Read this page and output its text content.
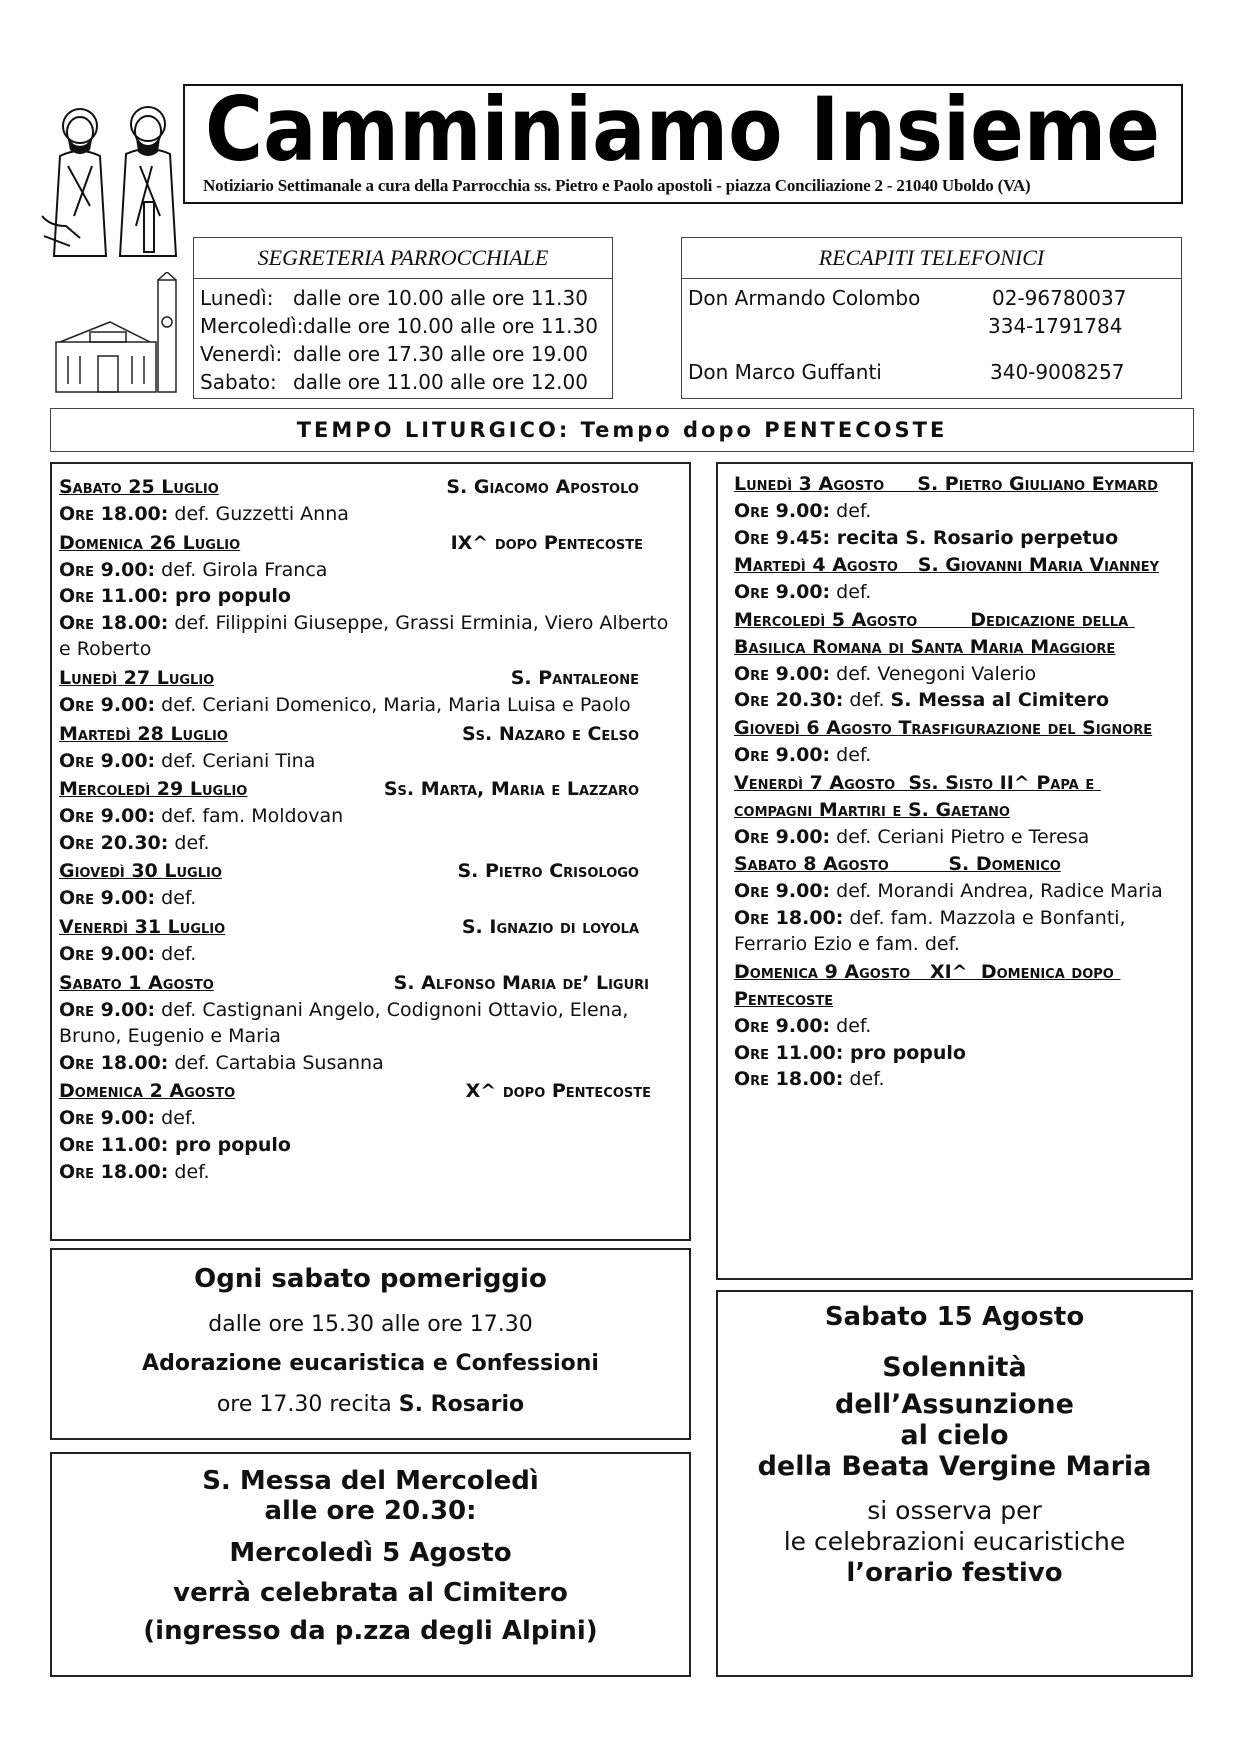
Camminiamo Insieme
Notiziario Settimanale a cura della Parrocchia ss. Pietro e Paolo apostoli - piazza Conciliazione 2 - 21040 Uboldo (VA)
SEGRETERIA PARROCCHIALE
Lunedì: dalle ore 10.00 alle ore 11.30
Mercoledì: dalle ore 10.00 alle ore 11.30
Venerdì: dalle ore 17.30 alle ore 19.00
Sabato: dalle ore 11.00 alle ore 12.00
RECAPITI TELEFONICI
Don Armando Colombo	02-96780037
334-1791784
Don Marco Guffanti	340-9008257
TEMPO LITURGICO: Tempo dopo PENTECOSTE
Sabato 25 Luglio	S. Giacomo Apostolo
Ore 18.00: def. Guzzetti Anna
Domenica 26 Luglio	IX^ dopo Pentecoste
Ore 9.00: def. Girola Franca
Ore 11.00: pro populo
Ore 18.00: def. Filippini Giuseppe, Grassi Erminia, Viero Alberto e Roberto
Lunedì 27 Luglio	S. Pantaleone
Ore 9.00: def. Ceriani Domenico, Maria, Maria Luisa e Paolo
Martedì 28 Luglio	Ss. Nazaro e Celso
Ore 9.00: def. Ceriani Tina
Mercoledì 29 Luglio	Ss. Marta, Maria e Lazzaro
Ore 9.00: def. fam. Moldovan
Ore 20.30: def.
Giovedì 30 Luglio	S. Pietro Crisologo
Ore 9.00: def.
Venerdì 31 Luglio	S. Ignazio di loyola
Ore 9.00: def.
Sabato 1 Agosto	S. Alfonso Maria de’ Liguri
Ore 9.00: def. Castignani Angelo, Codignoni Ottavio, Elena, Bruno, Eugenio e Maria
Ore 18.00: def. Cartabia Susanna
Domenica 2 Agosto	X^ dopo Pentecoste
Ore 9.00: def.
Ore 11.00: pro populo
Ore 18.00: def.
Lunedì 3 Agosto     S. Pietro Giuliano Eymard
Ore 9.00: def.
Ore 9.45: recita S. Rosario perpetuo
Martedì 4 Agosto   S. Giovanni Maria Vianney
Ore 9.00: def.
Mercoledì 5 Agosto        Dedicazione della Basilica Romana di Santa Maria Maggiore
Ore 9.00: def. Venegoni Valerio
Ore 20.30: def. S. Messa al Cimitero
Giovedì 6 Agosto Trasfigurazione del Signore
Ore 9.00: def.
Venerdì 7 Agosto  Ss. Sisto II^ Papa e compagni Martiri e S. Gaetano
Ore 9.00: def. Ceriani Pietro e Teresa
Sabato 8 Agosto         S. Domenico
Ore 9.00: def. Morandi Andrea, Radice Maria
Ore 18.00: def. fam. Mazzola e Bonfanti, Ferrario Ezio e fam. def.
Domenica 9 Agosto   XI^  Domenica dopo Pentecoste
Ore 9.00: def.
Ore 11.00: pro populo
Ore 18.00: def.
Ogni sabato pomeriggio
dalle ore 15.30 alle ore 17.30
Adorazione eucaristica e Confessioni
ore 17.30 recita S. Rosario
S. Messa del Mercoledì
alle ore 20.30:
Mercoledì 5 Agosto
verrà celebrata al Cimitero
(ingresso da p.zza degli Alpini)
Sabato 15 Agosto
Solennità
dell’Assunzione
al cielo
della Beata Vergine Maria
si osserva per
le celebrazioni eucaristiche
l’orario festivo
